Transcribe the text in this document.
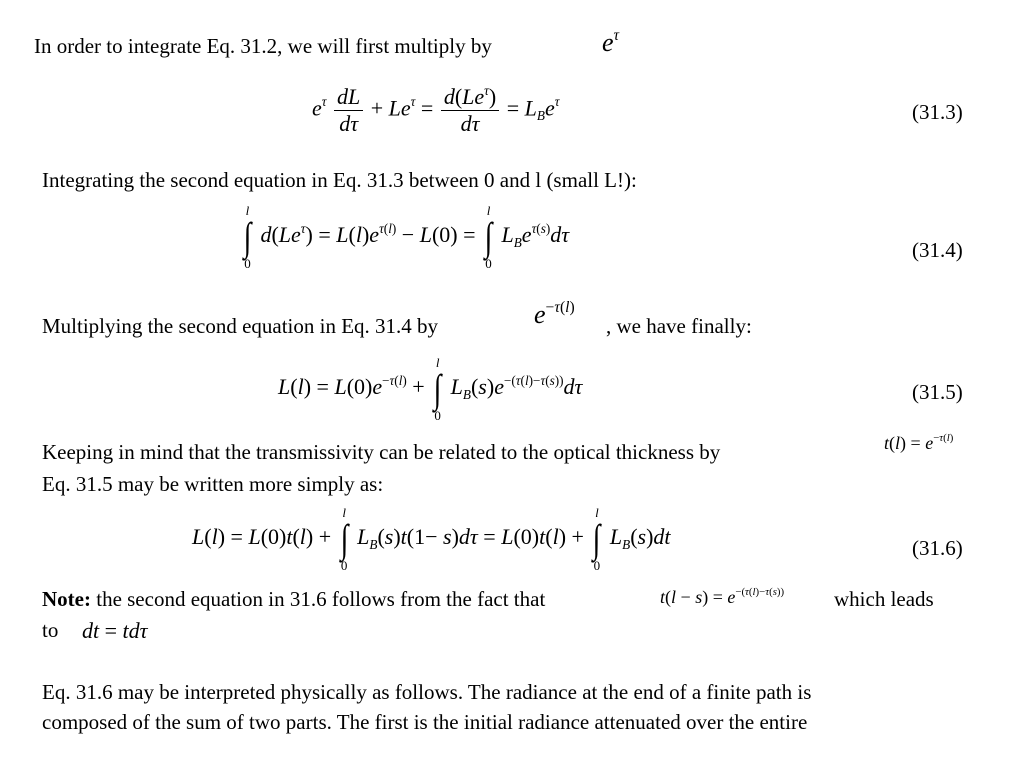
In order to integrate Eq. 31.2, we will first multiply by	$e^\tau$
$e^\tau \frac{dL}{d\tau} + Le^\tau = \frac{d(Le^\tau)}{d\tau} = L_Be^\tau$	(31.3)
Integrating the second equation in Eq. 31.3 between 0 and l (small L!):
l
∫
0
$d(Le^\tau) = L(l)e^{\tau(l)} - L(0)$ =
l
∫
0
$L_Be^{\tau(s)}d\tau$
(31.4)
Multiplying the second equation in Eq. 31.4 by	$e^{-\tau(l)}$
, we have finally:
$L(l) = L(0)e^{-\tau(l)}$ +
l
∫
0
$L_B(s)e^{-(\tau(l)-\tau(s))}d\tau$	(31.5)
Keeping in mind that the transmissivity can be related to the optical thickness by	$t(l) = e^{-\tau(l)}$
Eq. 31.5 may be written more simply as:
L(l) = L(0)t(l) +
l
∫
0
$L_B(s)t(1- s)d\tau = L(0)t(l)$ +
l
∫
0
$L_B(s)dt$	(31.6)
Note: the second equation in 31.6 follows from the fact that	$t(l - s) = e^{-(\tau(l)-\tau(s))}$ which leads
to dt = tdτ
Eq. 31.6 may be interpreted physically as follows. The radiance at the end of a finite path is
composed of the sum of two parts. The first is the initial radiance attenuated over the entire
